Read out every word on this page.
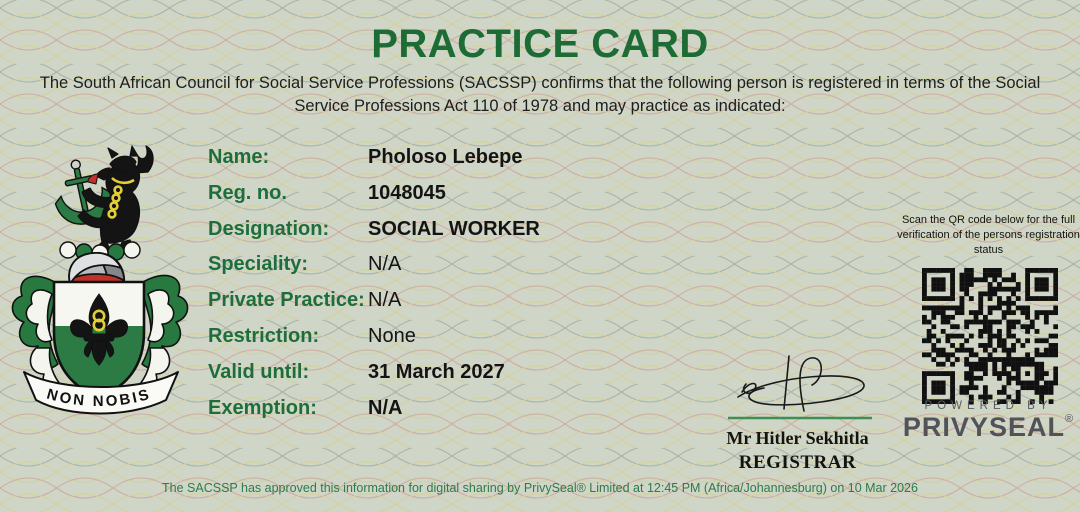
PRACTICE CARD
The South African Council for Social Service Professions (SACSSP) confirms that the following person is registered in terms of the Social
Service Professions Act 110 of 1978 and may practice as indicated:
NON NOBIS
Name:	Pholoso Lebepe
Reg. no.	1048045
Designation:	SOCIAL WORKER
Speciality:	N/A
Private Practice: N/A
Restriction:	None
Valid until:	31 March 2027
Exemption:	N/A
Scan the QR code below for the full verification of the persons registration status
POWERED BY
PRIVYSEAL®
Mr Hitler Sekhitla
REGISTRAR
The SACSSP has approved this information for digital sharing by PrivySeal® Limited at 12:45 PM (Africa/Johannesburg) on 10 Mar 2026
